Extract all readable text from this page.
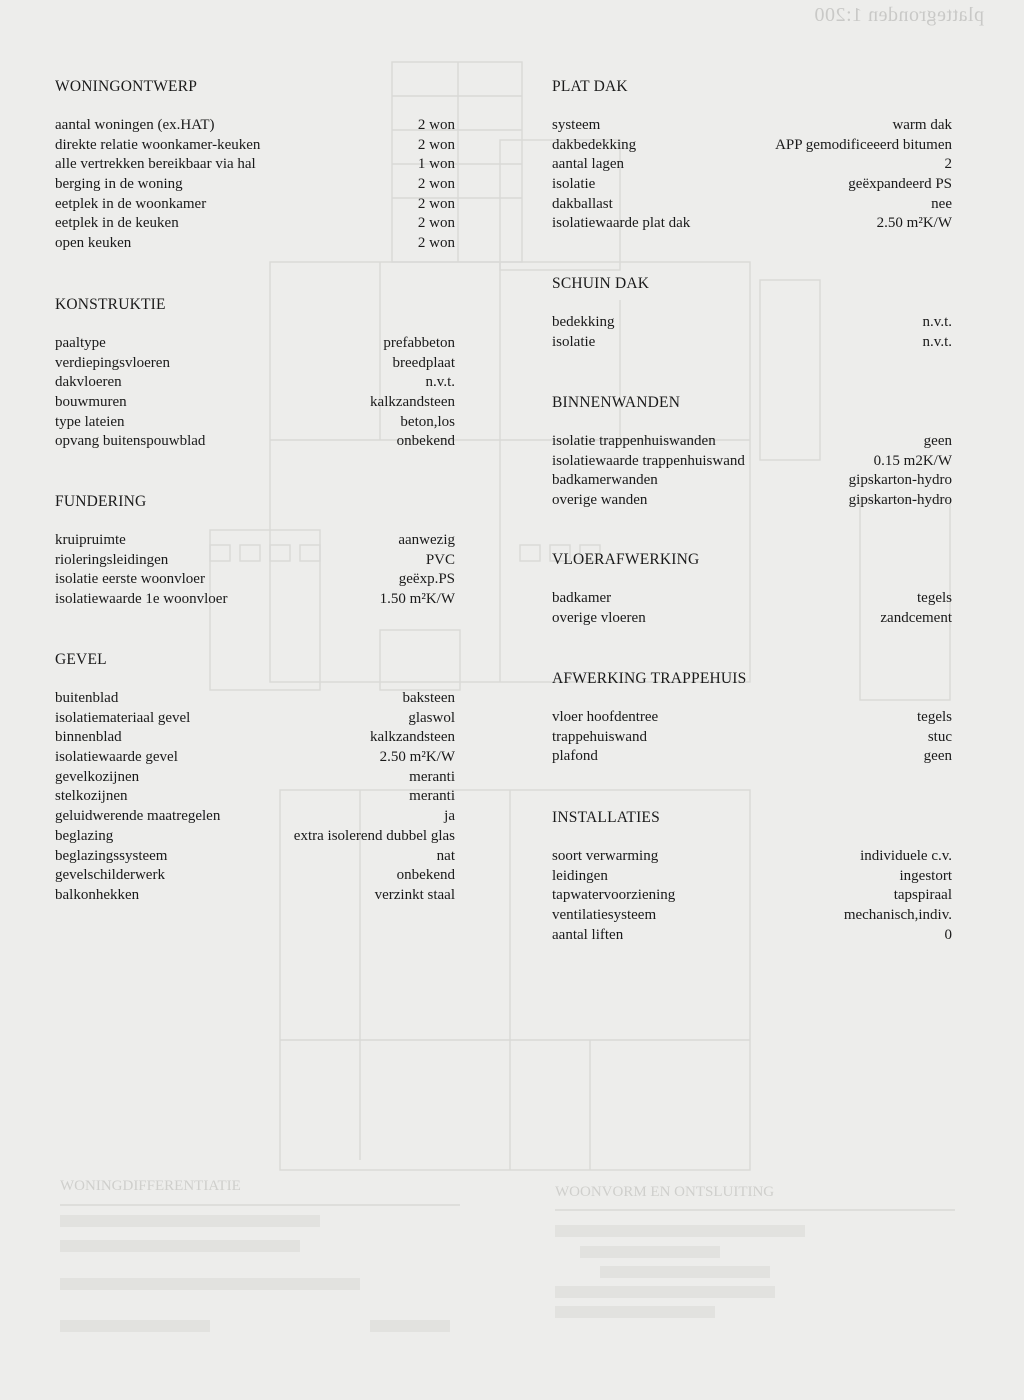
plattegronden 1:200
WONINGDIFFERENTIATIE	WOONVORM EN ONTSLUITING
WONINGONTWERP
aantal woningen (ex.HAT)	2 won
direkte relatie woonkamer-keuken	2 won
alle vertrekken bereikbaar via hal	1 won
berging in de woning	2 won
eetplek in de woonkamer	2 won
eetplek in de keuken	2 won
open keuken	2 won
KONSTRUKTIE
paaltype	prefabbeton
verdiepingsvloeren	breedplaat
dakvloeren	n.v.t.
bouwmuren	kalkzandsteen
type lateien	beton,los
opvang buitenspouwblad	onbekend
FUNDERING
kruipruimte	aanwezig
rioleringsleidingen	PVC
isolatie eerste woonvloer	geëxp.PS
isolatiewaarde 1e woonvloer	1.50 m²K/W
GEVEL
buitenblad	baksteen
isolatiemateriaal gevel	glaswol
binnenblad	kalkzandsteen
isolatiewaarde gevel	2.50 m²K/W
gevelkozijnen	meranti
stelkozijnen	meranti
geluidwerende maatregelen	ja
beglazing	extra isolerend dubbel glas
beglazingssysteem	nat
gevelschilderwerk	onbekend
balkonhekken	verzinkt staal
PLAT DAK
systeem	warm dak
dakbedekking	APP gemodificeeerd bitumen
aantal lagen	2
isolatie	geëxpandeerd PS
dakballast	nee
isolatiewaarde plat dak	2.50 m²K/W
SCHUIN DAK
bedekking	n.v.t.
isolatie	n.v.t.
BINNENWANDEN
isolatie trappenhuiswanden	geen
isolatiewaarde trappenhuiswand	0.15 m2K/W
badkamerwanden	gipskarton-hydro
overige wanden	gipskarton-hydro
VLOERAFWERKING
badkamer	tegels
overige vloeren	zandcement
AFWERKING TRAPPEHUIS
vloer hoofdentree	tegels
trappehuiswand	stuc
plafond	geen
INSTALLATIES
soort verwarming	individuele c.v.
leidingen	ingestort
tapwatervoorziening	tapspiraal
ventilatiesysteem	mechanisch,indiv.
aantal liften	0
